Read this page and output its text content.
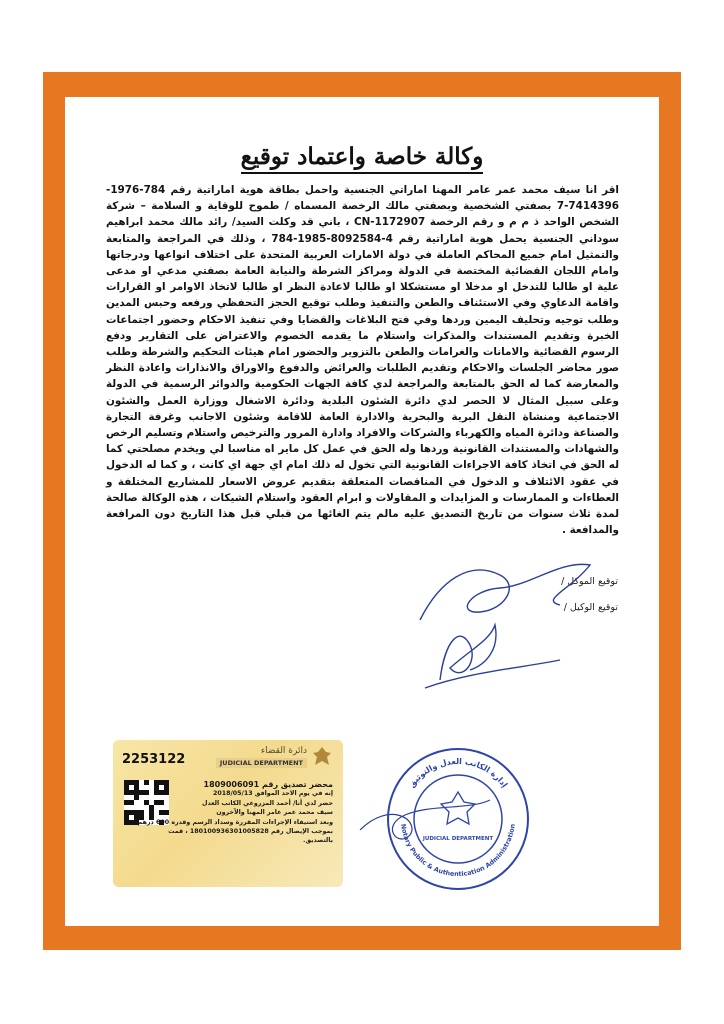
وكالة خاصة واعتماد توقيع

اقر انا سيف محمد عمر عامر المهنا اماراتي الجنسية واحمل بطاقة هوية اماراتية رقم 784-1976-7414396-7 بصفتي الشخصية وبصفتي مالك الرخصة المسماه / طموح للوقاية و السلامة – شركة الشخص الواحد ذ م م و رقم الرخصة CN-1172907 ، باني قد وكلت السيد/ رائد مالك محمد ابراهيم سوداني الجنسية يحمل هوية اماراتية رقم 4-8092584-1985-784 ، وذلك في المراجعة والمتابعة والتمثيل امام جميع المحاكم العاملة في دولة الامارات العربية المتحدة على اختلاف انواعها ودرجاتها وامام اللجان القضائية المختصة في الدولة ومراكز الشرطة والنيابة العامة بصفتي مدعي او مدعى علية او طالبا للتدخل او مدخلا او مستشكلا او طالبا لاعادة النظر او طالبا لاتخاذ الاوامر او القرارات واقامة الدعاوي وفي الاستئناف والطعن والتنفيذ وطلب توقيع الحجز التحفظي ورفعه وحبس المدين وطلب توجيه وتحليف اليمين وردها وفي فتح البلاغات والقضايا وفي تنفيذ الاحكام وحضور اجتماعات الخبرة وتقديم المستندات والمذكرات واستلام ما يقدمه الخصوم والاعتراض على التقارير ودفع الرسوم القضائية والامانات والغرامات والطعن بالتزوير والحضور امام هيئات التحكيم والشرطة وطلب صور محاضر الجلسات والاحكام وتقديم الطلبات والعرائض والدفوع والاوراق والانذارات واعادة النظر والمعارضة كما له الحق بالمتابعة والمراجعة لدي كافة الجهات الحكومية والدوائر الرسمية في الدولة وعلى سبيل المثال لا الحصر لدي دائرة الشئون البلدية ودائرة الاشغال ووزارة العمل والشئون الاجتماعية ومنشاة النقل البرية والبحرية والادارة العامة للاقامة وشئون الاجانب وغرفة التجارة والصناعة ودائرة المياه والكهرباء والشركات والافراد وادارة المرور والترخيص واستلام وتسليم الرخص والشهادات والمستندات القانونية وردها وله الحق في عمل كل ماير اه مناسبا لي ويخدم مصلحتي كما له الحق في اتخاذ كافة الاجراءات القانونية التي تخول له ذلك امام اي جهة اي كانت ، و كما له الدخول في عقود الائتلاف و الدخول في المناقصات المتعلقة بتقديم عروض الاسعار للمشاريع المختلفة و العطاءات و الممارسات و المزايدات و المقاولات و ابرام العقود واستلام الشيكات ، هذه الوكالة صالحة لمدة ثلاث سنوات من تاريخ التصديق عليه مالم يتم الغائها من قبلي قبل هذا التاريخ دون المرافعة والمدافعة .

توقيع الموكل /
توقيع الوكيل /
2253122
دائرة القضاء
JUDICIAL DEPARTMENT
محضر تصديق رقم 1809006091
إنه في يوم الاحد الموافق 2018/05/13
حضر لدي أنا/ أحمد المزروعي الكاتب العدل
سيف محمد عمر عامر المهنا والآخرون
وبعد استيفاء الإجراءات المقررة وسداد الرسم وقدره 600 درهم
بموجب الإيصال رقم 180100936301005828 ، قمت
بالتصديق.
إدارة الكاتب العدل والتوثيق
Notary Public & Authentication Administration
JUDICIAL DEPARTMENT
